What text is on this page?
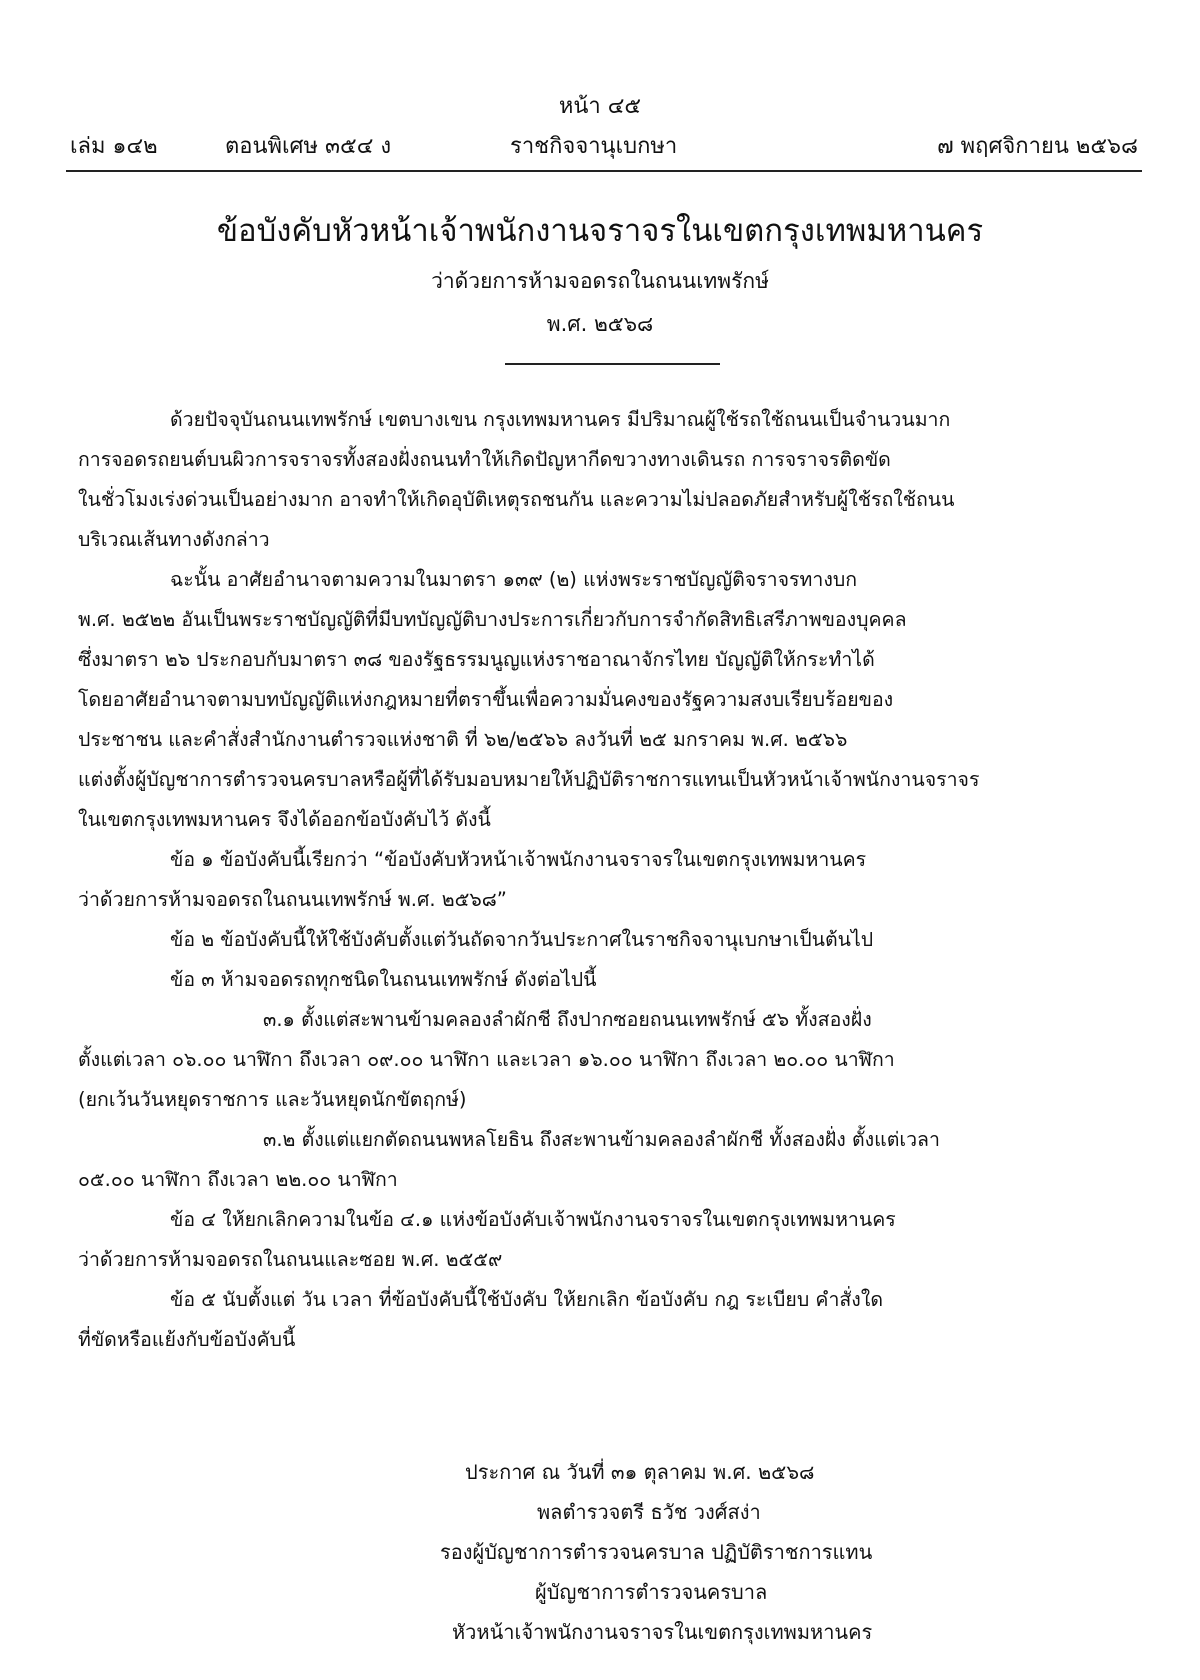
หน้า ๔๕
เล่ม ๑๔๒	ตอนพิเศษ ๓๕๔ ง	ราชกิจจานุเบกษา	๗ พฤศจิกายน ๒๕๖๘
ข้อบังคับหัวหน้าเจ้าพนักงานจราจรในเขตกรุงเทพมหานคร
ว่าด้วยการห้ามจอดรถในถนนเทพรักษ์
พ.ศ. ๒๕๖๘
ด้วยปัจจุบันถนนเทพรักษ์ เขตบางเขน กรุงเทพมหานคร มีปริมาณผู้ใช้รถใช้ถนนเป็นจำนวนมาก
การจอดรถยนต์บนผิวการจราจรทั้งสองฝั่งถนนทำให้เกิดปัญหากีดขวางทางเดินรถ การจราจรติดขัด
ในชั่วโมงเร่งด่วนเป็นอย่างมาก อาจทำให้เกิดอุบัติเหตุรถชนกัน และความไม่ปลอดภัยสำหรับผู้ใช้รถใช้ถนน
บริเวณเส้นทางดังกล่าว
ฉะนั้น อาศัยอำนาจตามความในมาตรา ๑๓๙ (๒) แห่งพระราชบัญญัติจราจรทางบก
พ.ศ. ๒๕๒๒ อันเป็นพระราชบัญญัติที่มีบทบัญญัติบางประการเกี่ยวกับการจำกัดสิทธิเสรีภาพของบุคคล
ซึ่งมาตรา ๒๖ ประกอบกับมาตรา ๓๘ ของรัฐธรรมนูญแห่งราชอาณาจักรไทย บัญญัติให้กระทำได้
โดยอาศัยอำนาจตามบทบัญญัติแห่งกฎหมายที่ตราขึ้นเพื่อความมั่นคงของรัฐความสงบเรียบร้อยของ
ประชาชน และคำสั่งสำนักงานตำรวจแห่งชาติ ที่ ๖๒/๒๕๖๖ ลงวันที่ ๒๕ มกราคม พ.ศ. ๒๕๖๖
แต่งตั้งผู้บัญชาการตำรวจนครบาลหรือผู้ที่ได้รับมอบหมายให้ปฏิบัติราชการแทนเป็นหัวหน้าเจ้าพนักงานจราจร
ในเขตกรุงเทพมหานคร จึงได้ออกข้อบังคับไว้ ดังนี้
ข้อ ๑ ข้อบังคับนี้เรียกว่า “ข้อบังคับหัวหน้าเจ้าพนักงานจราจรในเขตกรุงเทพมหานคร
ว่าด้วยการห้ามจอดรถในถนนเทพรักษ์ พ.ศ. ๒๕๖๘”
ข้อ ๒ ข้อบังคับนี้ให้ใช้บังคับตั้งแต่วันถัดจากวันประกาศในราชกิจจานุเบกษาเป็นต้นไป
ข้อ ๓ ห้ามจอดรถทุกชนิดในถนนเทพรักษ์ ดังต่อไปนี้
๓.๑ ตั้งแต่สะพานข้ามคลองลำผักชี ถึงปากซอยถนนเทพรักษ์ ๕๖ ทั้งสองฝั่ง
ตั้งแต่เวลา ๐๖.๐๐ นาฬิกา ถึงเวลา ๐๙.๐๐ นาฬิกา และเวลา ๑๖.๐๐ นาฬิกา ถึงเวลา ๒๐.๐๐ นาฬิกา
(ยกเว้นวันหยุดราชการ และวันหยุดนักขัตฤกษ์)
๓.๒ ตั้งแต่แยกตัดถนนพหลโยธิน ถึงสะพานข้ามคลองลำผักชี ทั้งสองฝั่ง ตั้งแต่เวลา
๐๕.๐๐ นาฬิกา ถึงเวลา ๒๒.๐๐ นาฬิกา
ข้อ ๔ ให้ยกเลิกความในข้อ ๔.๑ แห่งข้อบังคับเจ้าพนักงานจราจรในเขตกรุงเทพมหานคร
ว่าด้วยการห้ามจอดรถในถนนและซอย พ.ศ. ๒๕๕๙
ข้อ ๕ นับตั้งแต่ วัน เวลา ที่ข้อบังคับนี้ใช้บังคับ ให้ยกเลิก ข้อบังคับ กฎ ระเบียบ คำสั่งใด
ที่ขัดหรือแย้งกับข้อบังคับนี้
ประกาศ ณ วันที่ ๓๑ ตุลาคม พ.ศ. ๒๕๖๘
พลตำรวจตรี ธวัช วงศ์สง่า
รองผู้บัญชาการตำรวจนครบาล ปฏิบัติราชการแทน
ผู้บัญชาการตำรวจนครบาล
หัวหน้าเจ้าพนักงานจราจรในเขตกรุงเทพมหานคร
